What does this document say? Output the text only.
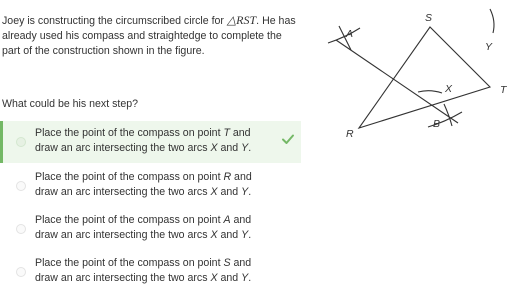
Joey is constructing the circumscribed circle for △RST. He has already used his compass and straightedge to complete the part of the construction shown in the figure.
S
T
R
A
B
X
Y
What could be his next step?
Place the point of the compass on point T and draw an arc intersecting the two arcs X and Y.
Place the point of the compass on point R and draw an arc intersecting the two arcs X and Y.
Place the point of the compass on point A and draw an arc intersecting the two arcs X and Y.
Place the point of the compass on point S and draw an arc intersecting the two arcs X and Y.
